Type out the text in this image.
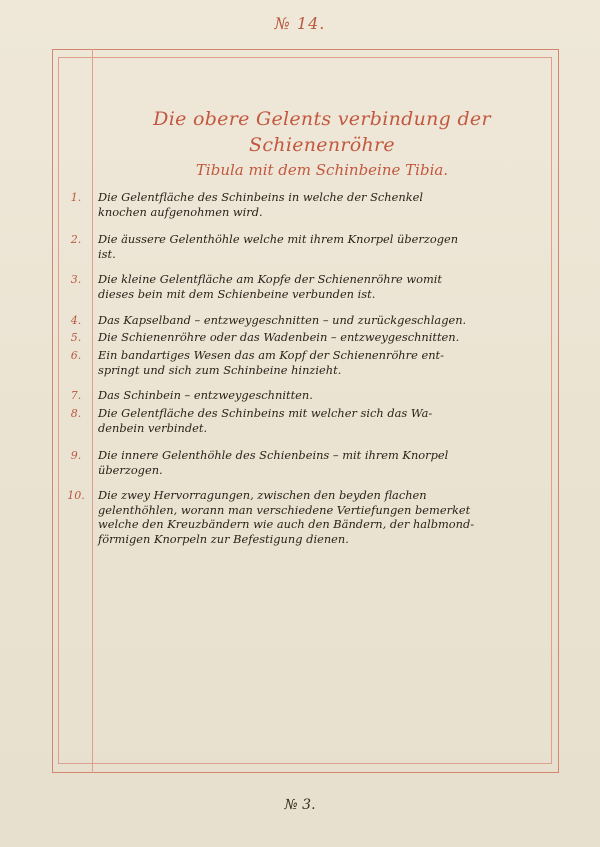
№ 14.
Die obere Gelents verbindung der Schienenröhre
Tibula mit dem Schinbeine Tibia.
1.	Die Gelentfläche des Schinbeins in welche der Schenkel
knochen aufgenohmen wird.
2.	Die äussere Gelenthöhle welche mit ihrem Knorpel überzogen
ist.
3.	Die kleine Gelentfläche am Kopfe der Schienenröhre womit
dieses bein mit dem Schienbeine verbunden ist.
4.	Das Kapselband – entzweygeschnitten – und zurückgeschlagen.
5.	Die Schienenröhre oder das Wadenbein – entzweygeschnitten.
6.	Ein bandartiges Wesen das am Kopf der Schienenröhre ent-
springt und sich zum Schinbeine hinzieht.
7.	Das Schinbein – entzweygeschnitten.
8.	Die Gelentfläche des Schinbeins mit welcher sich das Wa-
denbein verbindet.
9.	Die innere Gelenthöhle des Schienbeins – mit ihrem Knorpel
überzogen.
10.	Die zwey Hervorragungen, zwischen den beyden flachen
gelenthöhlen, worann man verschiedene Vertiefungen bemerket
welche den Kreuzbändern wie auch den Bändern, der halbmond-
förmigen Knorpeln zur Befestigung dienen.
№ 3.
